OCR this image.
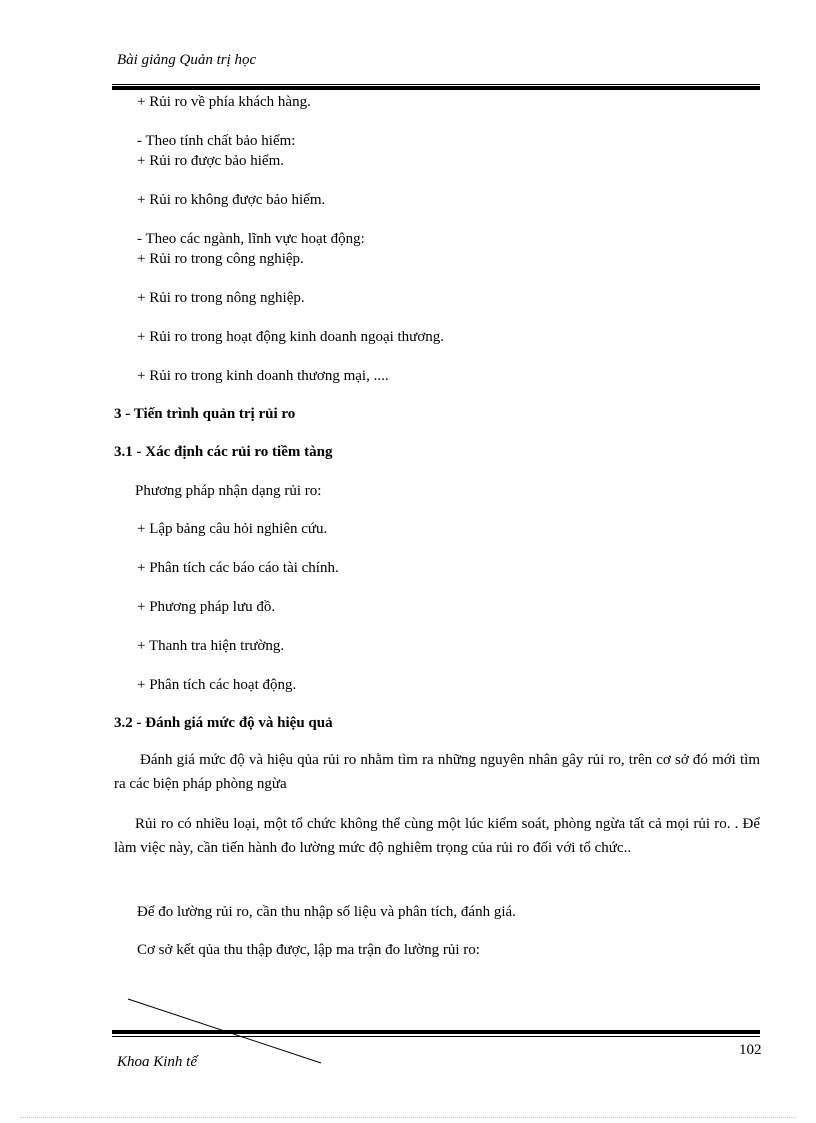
Bài giảng Quản trị học
+ Rủi ro về phía khách hàng.
- Theo tính chất bảo hiểm:
+ Rủi ro được bảo hiểm.
+ Rủi ro không được bảo hiểm.
- Theo các ngành, lĩnh vực hoạt động:
+ Rủi ro trong công nghiệp.
+ Rủi ro trong nông nghiệp.
+ Rủi ro trong hoạt động kinh doanh ngoại thương.
+ Rủi ro trong kinh doanh thương mại, ....
3 - Tiến trình quản trị rủi ro
3.1 - Xác định các rủi ro tiềm tàng
Phương pháp nhận dạng rủi ro:
+ Lập bảng câu hỏi nghiên cứu.
+ Phân tích các báo cáo tài chính.
+ Phương pháp lưu đồ.
+ Thanh tra hiện trường.
+ Phân tích các hoạt động.
3.2 - Đánh giá mức độ và hiệu quả
Đánh giá mức độ và hiệu qủa rủi ro nhằm tìm ra những nguyên nhân gây rủi ro, trên cơ sở đó mới tìm ra các biện pháp phòng ngừa
Rủi ro có nhiều loại, một tổ chức không thể cùng một lúc kiểm soát, phòng ngừa tất cả mọi rủi ro. . Để làm việc này, cần tiến hành đo lường mức độ nghiêm trọng của rủi ro đối với tổ chức..
Để đo lường rủi ro, cần thu nhập số liệu và phân tích, đánh giá.
Cơ sở kết qủa thu thập được, lập ma trận đo lường rủi ro:
Khoa Kinh tế
102
